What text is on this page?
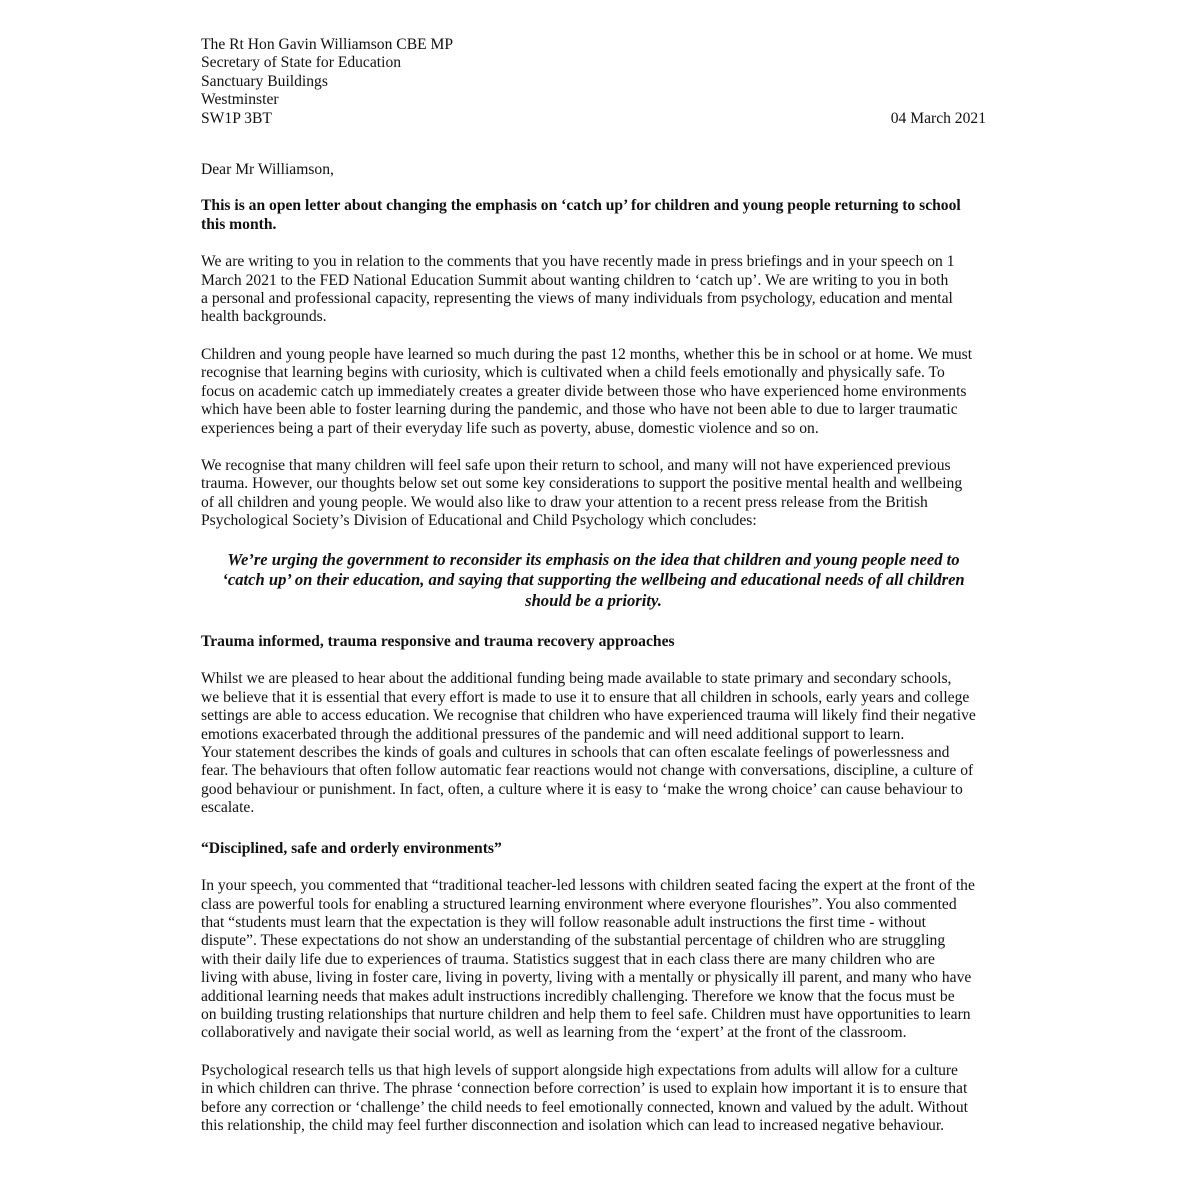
The Rt Hon Gavin Williamson CBE MP
Secretary of State for Education
Sanctuary Buildings
Westminster
SW1P 3BT	04 March 2021
Dear Mr Williamson,
This is an open letter about changing the emphasis on ‘catch up’ for children and young people returning to school
this month.
We are writing to you in relation to the comments that you have recently made in press briefings and in your speech on 1
March 2021 to the FED National Education Summit about wanting children to ‘catch up’. We are writing to you in both
a personal and professional capacity, representing the views of many individuals from psychology, education and mental
health backgrounds.
Children and young people have learned so much during the past 12 months, whether this be in school or at home. We must
recognise that learning begins with curiosity, which is cultivated when a child feels emotionally and physically safe. To
focus on academic catch up immediately creates a greater divide between those who have experienced home environments
which have been able to foster learning during the pandemic, and those who have not been able to due to larger traumatic
experiences being a part of their everyday life such as poverty, abuse, domestic violence and so on.
We recognise that many children will feel safe upon their return to school, and many will not have experienced previous
trauma. However, our thoughts below set out some key considerations to support the positive mental health and wellbeing
of all children and young people. We would also like to draw your attention to a recent press release from the British
Psychological Society’s Division of Educational and Child Psychology which concludes:
We’re urging the government to reconsider its emphasis on the idea that children and young people need to
‘catch up’ on their education, and saying that supporting the wellbeing and educational needs of all children
should be a priority.
Trauma informed, trauma responsive and trauma recovery approaches
Whilst we are pleased to hear about the additional funding being made available to state primary and secondary schools,
we believe that it is essential that every effort is made to use it to ensure that all children in schools, early years and college
settings are able to access education. We recognise that children who have experienced trauma will likely find their negative
emotions exacerbated through the additional pressures of the pandemic and will need additional support to learn.
Your statement describes the kinds of goals and cultures in schools that can often escalate feelings of powerlessness and
fear. The behaviours that often follow automatic fear reactions would not change with conversations, discipline, a culture of
good behaviour or punishment. In fact, often, a culture where it is easy to ‘make the wrong choice’ can cause behaviour to
escalate.
“Disciplined, safe and orderly environments”
In your speech, you commented that “traditional teacher-led lessons with children seated facing the expert at the front of the
class are powerful tools for enabling a structured learning environment where everyone flourishes”. You also commented
that “students must learn that the expectation is they will follow reasonable adult instructions the first time - without
dispute”. These expectations do not show an understanding of the substantial percentage of children who are struggling
with their daily life due to experiences of trauma. Statistics suggest that in each class there are many children who are
living with abuse, living in foster care, living in poverty, living with a mentally or physically ill parent, and many who have
additional learning needs that makes adult instructions incredibly challenging. Therefore we know that the focus must be
on building trusting relationships that nurture children and help them to feel safe. Children must have opportunities to learn
collaboratively and navigate their social world, as well as learning from the ‘expert’ at the front of the classroom.
Psychological research tells us that high levels of support alongside high expectations from adults will allow for a culture
in which children can thrive. The phrase ‘connection before correction’ is used to explain how important it is to ensure that
before any correction or ‘challenge’ the child needs to feel emotionally connected, known and valued by the adult. Without
this relationship, the child may feel further disconnection and isolation which can lead to increased negative behaviour.
